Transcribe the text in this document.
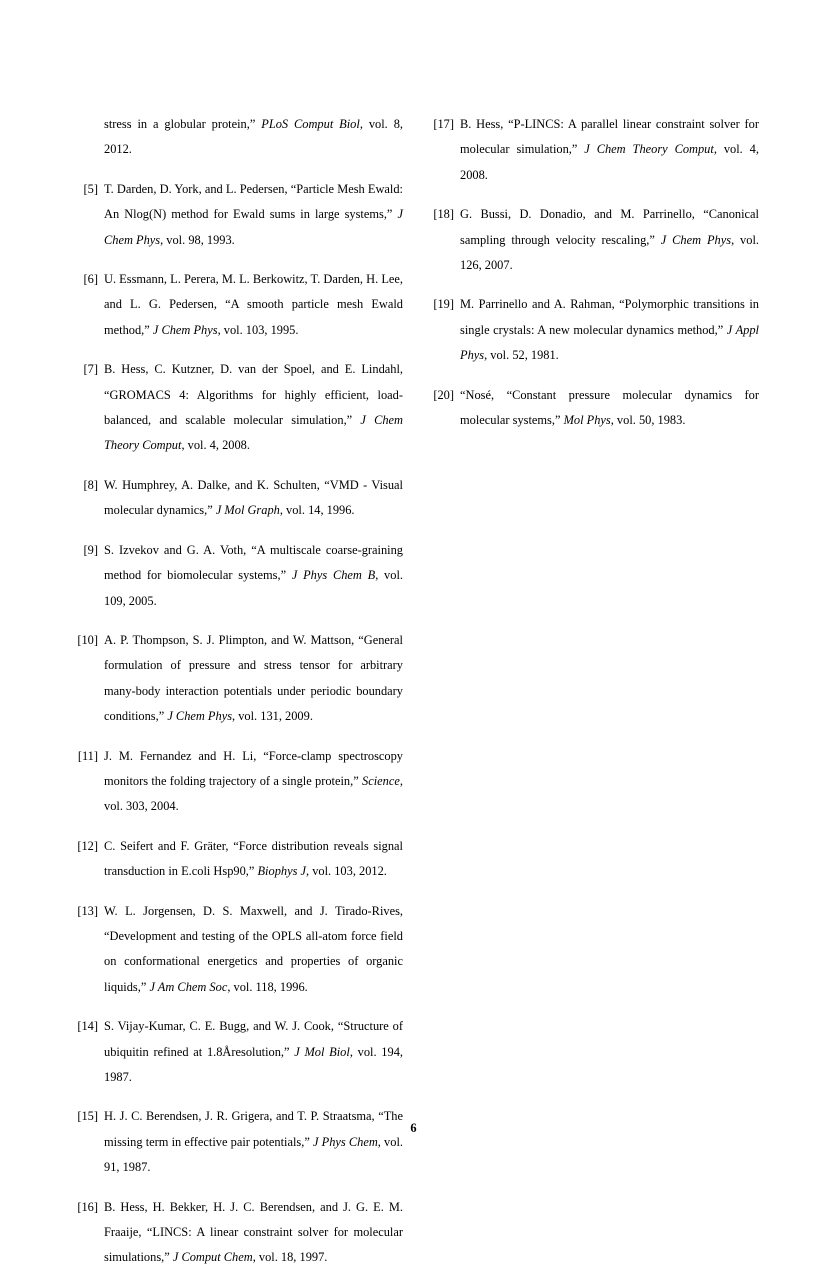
stress in a globular protein,” PLoS Comput Biol, vol. 8, 2012.

[5] T. Darden, D. York, and L. Pedersen, “Particle Mesh Ewald: An Nlog(N) method for Ewald sums in large systems,” J Chem Phys, vol. 98, 1993.
[6] U. Essmann, L. Perera, M. L. Berkowitz, T. Darden, H. Lee, and L. G. Pedersen, “A smooth particle mesh Ewald method,” J Chem Phys, vol. 103, 1995.
[7] B. Hess, C. Kutzner, D. van der Spoel, and E. Lindahl, “GROMACS 4: Algorithms for highly efficient, load-balanced, and scalable molecular simulation,” J Chem Theory Comput, vol. 4, 2008.
[8] W. Humphrey, A. Dalke, and K. Schulten, “VMD - Visual molecular dynamics,” J Mol Graph, vol. 14, 1996.
[9] S. Izvekov and G. A. Voth, “A multiscale coarse-graining method for biomolecular systems,” J Phys Chem B, vol. 109, 2005.
[10] A. P. Thompson, S. J. Plimpton, and W. Mattson, “General formulation of pressure and stress tensor for arbitrary many-body interaction potentials under periodic boundary conditions,” J Chem Phys, vol. 131, 2009.
[11] J. M. Fernandez and H. Li, “Force-clamp spectroscopy monitors the folding trajectory of a single protein,” Science, vol. 303, 2004.
[12] C. Seifert and F. Gräter, “Force distribution reveals signal transduction in E.coli Hsp90,” Biophys J, vol. 103, 2012.
[13] W. L. Jorgensen, D. S. Maxwell, and J. Tirado-Rives, “Development and testing of the OPLS all-atom force field on conformational energetics and properties of organic liquids,” J Am Chem Soc, vol. 118, 1996.
[14] S. Vijay-Kumar, C. E. Bugg, and W. J. Cook, “Structure of ubiquitin refined at 1.8Åresolution,” J Mol Biol, vol. 194, 1987.
[15] H. J. C. Berendsen, J. R. Grigera, and T. P. Straatsma, “The missing term in effective pair potentials,” J Phys Chem, vol. 91, 1987.
[16] B. Hess, H. Bekker, H. J. C. Berendsen, and J. G. E. M. Fraaije, “LINCS: A linear constraint solver for molecular simulations,” J Comput Chem, vol. 18, 1997.
[17] B. Hess, “P-LINCS: A parallel linear constraint solver for molecular simulation,” J Chem Theory Comput, vol. 4, 2008.
[18] G. Bussi, D. Donadio, and M. Parrinello, “Canonical sampling through velocity rescaling,” J Chem Phys, vol. 126, 2007.
[19] M. Parrinello and A. Rahman, “Polymorphic transitions in single crystals: A new molecular dynamics method,” J Appl Phys, vol. 52, 1981.
[20] “Nosé, “Constant pressure molecular dynamics for molecular systems,” Mol Phys, vol. 50, 1983.
6
